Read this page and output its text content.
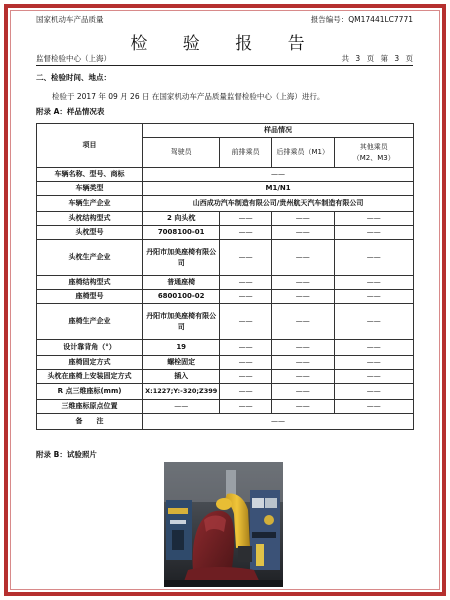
国家机动车产品质量	报告编号：QM17441LC7771
检 验 报 告
监督检验中心（上海）	共 3 页 第 3 页
二、检验时间、地点：
检验于 2017 年 09 月 26 日 在国家机动车产品质量监督检验中心（上海）进行。
附录 A：样品情况表
项目	样品情况			
	驾驶员	前排乘员	后排乘员（M1）	其他乘员
（M2、M3）

车辆名称、型号、商标	——			
车辆类型	M1/N1			
车辆生产企业	山西成功汽车制造有限公司/贵州航天汽车制造有限公司			
头枕结构型式	2 向头枕	——	——	——
头枕型号	7008100-01	——	——	——
头枕生产企业	丹阳市加美座椅有限公司	——	——	——
座椅结构型式	普通座椅	——	——	——
座椅型号	6800100-02	——	——	——
座椅生产企业	丹阳市加美座椅有限公司	——	——	——
设计靠背角（°）	19	——	——	——
座椅固定方式	螺栓固定	——	——	——
头枕在座椅上安装固定方式	插入	——	——	——
R 点三维座标(mm)	X:1227;Y:-320;Z399	——	——	——
三维座标原点位置	——	——	——	——
备　　注	——			
附录 B：试验照片
